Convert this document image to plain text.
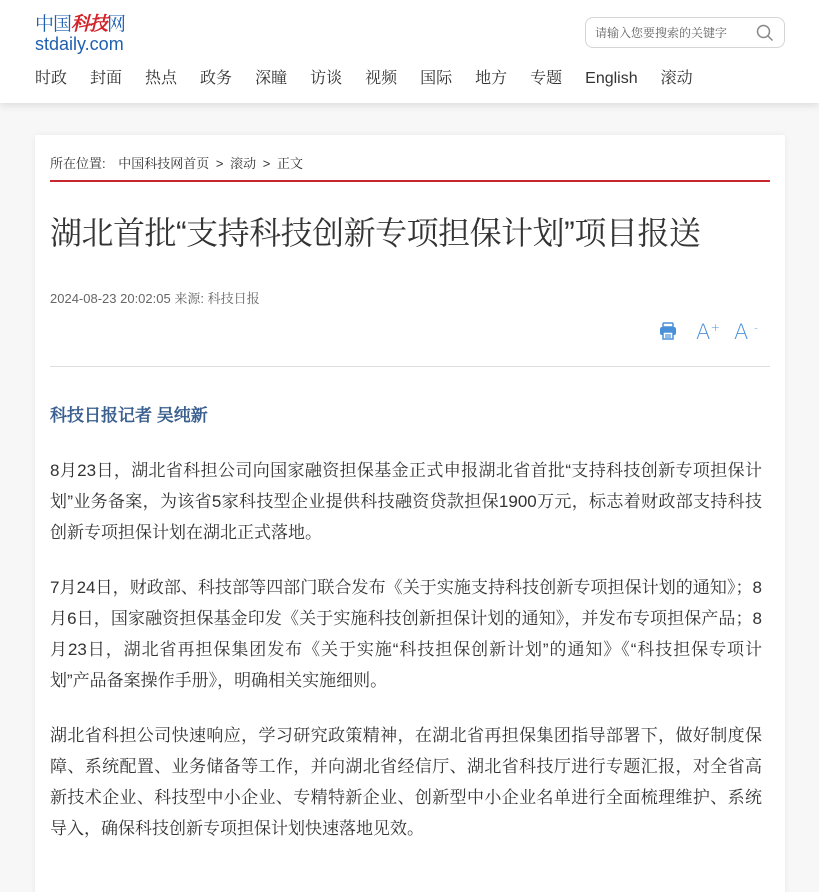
中国科技网
stdaily.com
请输入您要搜索的关键字
时政 封面 热点 政务 深瞳 访谈 视频 国际 地方 专题 English 滚动
所在位置: 中国科技网首页 > 滚动 > 正文
湖北首批“支持科技创新专项担保计划”项目报送
2024-08-23 20:02:05 来源: 科技日报
A + A -
科技日报记者 吴纯新

8月23日，湖北省科担公司向国家融资担保基金正式申报湖北省首批“支持科技创新专项担保计划”业务备案，为该省5家科技型企业提供科技融资贷款担保1900万元，标志着财政部支持科技创新专项担保计划在湖北正式落地。

7月24日，财政部、科技部等四部门联合发布《关于实施支持科技创新专项担保计划的通知》；8月6日，国家融资担保基金印发《关于实施科技创新担保计划的通知》，并发布专项担保产品；8月23日，湖北省再担保集团发布《关于实施“科技担保创新计划”的通知》《“科技担保专项计划”产品备案操作手册》，明确相关实施细则。

湖北省科担公司快速响应，学习研究政策精神，在湖北省再担保集团指导部署下，做好制度保障、系统配置、业务储备等工作，并向湖北省经信厅、湖北省科技厅进行专题汇报，对全省高新技术企业、科技型中小企业、专精特新企业、创新型中小企业名单进行全面梳理维护、系统导入，确保科技创新专项担保计划快速落地见效。
